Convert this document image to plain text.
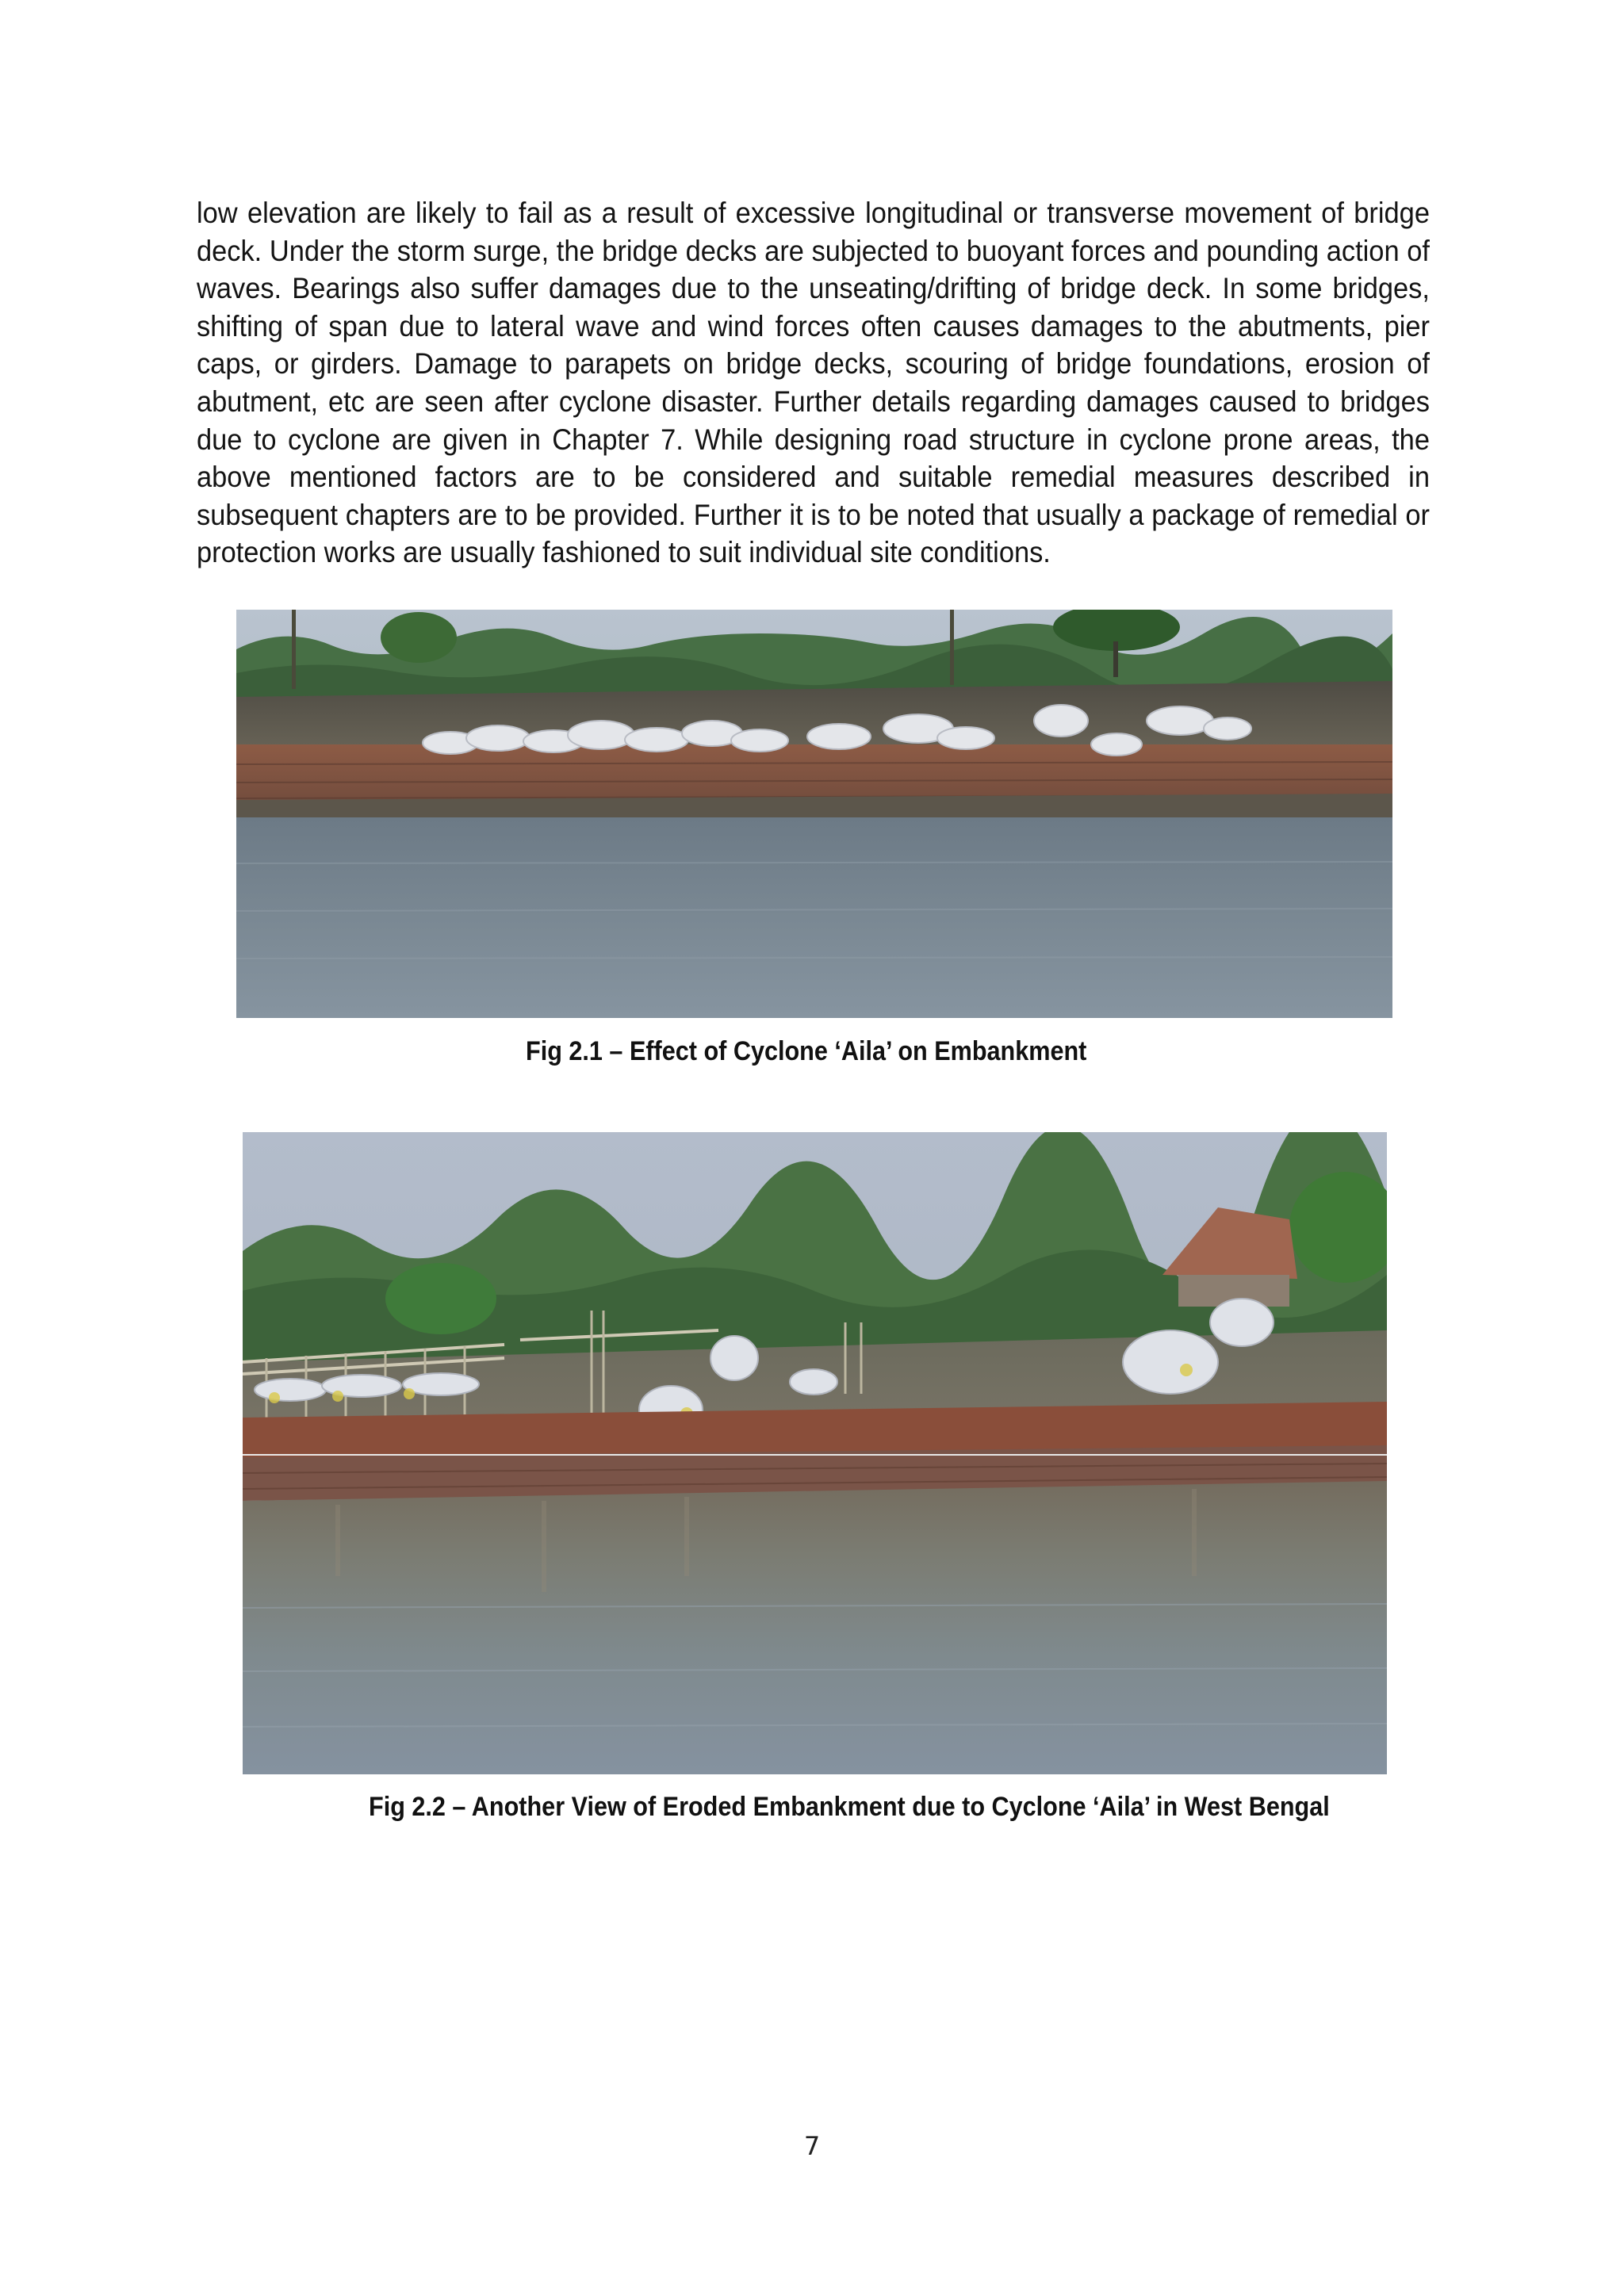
low elevation are likely to fail as a result of excessive longitudinal or transverse movement of bridge deck. Under the storm surge, the bridge decks are subjected to buoyant forces and pounding action of waves. Bearings also suffer damages due to the unseating/drifting of bridge deck. In some bridges, shifting of span due to lateral wave and wind forces often causes damages to the abutments, pier caps, or girders. Damage to parapets on bridge decks, scouring of bridge foundations, erosion of abutment, etc are seen after cyclone disaster. Further details regarding damages caused to bridges due to cyclone are given in Chapter 7. While designing road structure in cyclone prone areas, the above mentioned factors are to be considered and suitable remedial measures described in subsequent chapters are to be provided. Further it is to be noted that usually a package of remedial or protection works are usually fashioned to suit individual site conditions.

Fig 2.1 – Effect of Cyclone ‘Aila’ on Embankment
Fig 2.2 – Another View of Eroded Embankment due to Cyclone ‘Aila’ in West Bengal
7
